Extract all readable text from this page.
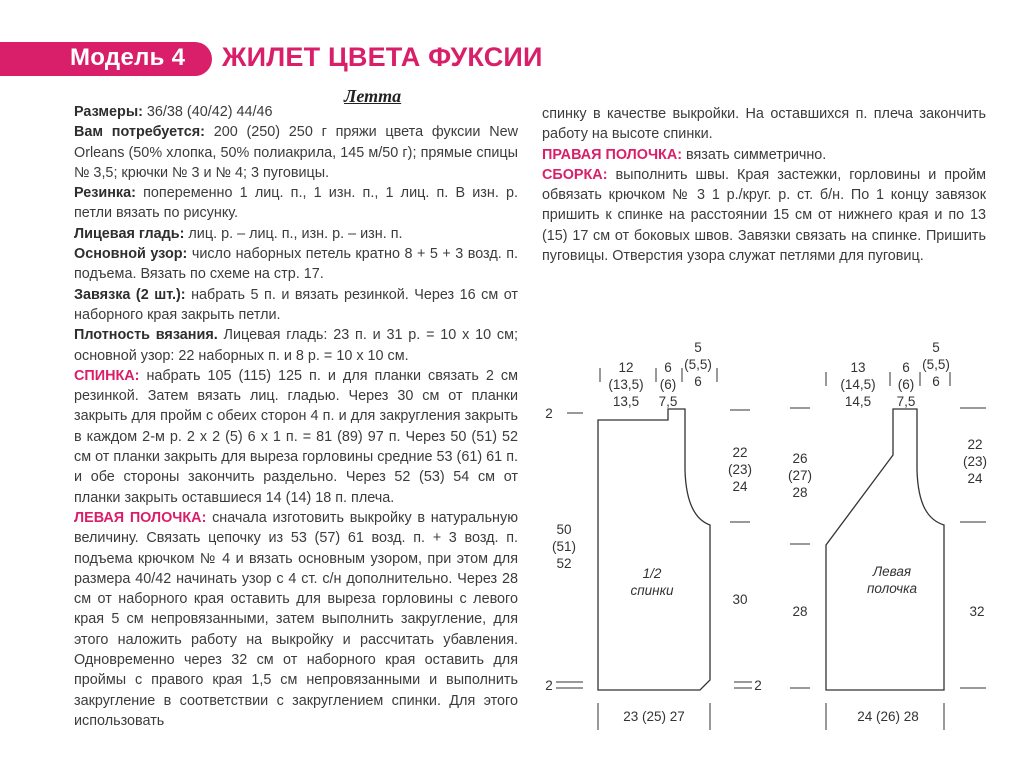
Модель 4 ЖИЛЕТ ЦВЕТА ФУКСИИ
Летта

Размеры: 36/38 (40/42) 44/46

Вам потребуется: 200 (250) 250 г пряжи цвета фуксии New Orleans (50% хлопка, 50% полиакрила, 145 м/50 г); прямые спицы № 3,5; крючки № 3 и № 4; 3 пуговицы.

Резинка: попеременно 1 лиц. п., 1 изн. п., 1 лиц. п. В изн. р. петли вязать по рисунку.

Лицевая гладь: лиц. р. – лиц. п., изн. р. – изн. п.

Основной узор: число наборных петель кратно 8 + 5 + 3 возд. п. подъема. Вязать по схеме на стр. 17.

Завязка (2 шт.): набрать 5 п. и вязать резинкой. Через 16 см от наборного края закрыть петли.

Плотность вязания. Лицевая гладь: 23 п. и 31 р. = 10 х 10 см; основной узор: 22 наборных п. и 8 р. = 10 х 10 см.

СПИНКА: набрать 105 (115) 125 п. и для планки связать 2 см резинкой. Затем вязать лиц. гладью. Через 30 см от планки закрыть для пройм с обеих сторон 4 п. и для закругления закрыть в каждом 2-м р. 2 х 2 (5) 6 х 1 п. = 81 (89) 97 п. Через 50 (51) 52 см от планки закрыть для выреза горловины средние 53 (61) 61 п. и обе стороны закончить раздельно. Через 52 (53) 54 см от планки закрыть оставшиеся 14 (14) 18 п. плеча.

ЛЕВАЯ ПОЛОЧКА: сначала изготовить выкройку в натуральную величину. Связать цепочку из 53 (57) 61 возд. п. + 3 возд. п. подъема крючком № 4 и вязать основным узором, при этом для размера 40/42 начинать узор с 4 ст. с/н дополнительно. Через 28 см от наборного края оставить для выреза горловины с левого края 5 см непровязанными, затем выполнить закругление, для этого наложить работу на выкройку и рассчитать убавления. Одновременно через 32 см от наборного края оставить для проймы с правого края 1,5 см непровязанными и выполнить закругление в соответствии с закруглением спинки. Для этого использовать

спинку в качестве выкройки. На оставшихся п. плеча закончить работу на высоте спинки.

ПРАВАЯ ПОЛОЧКА: вязать симметрично.

СБОРКА: выполнить швы. Края застежки, горловины и пройм обвязать крючком № 3 1 р./круг. р. ст. б/н. По 1 концу завязок пришить к спинке на расстоянии 15 см от нижнего края и по 13 (15) 17 см от боковых швов. Завязки связать на спинке. Пришить пуговицы. Отверстия узора служат петлями для пуговиц.

12
(13,5)
13,5
6
(6)
7,5
5
(5,5)
6
2
22
(23)
24
50
(51)
52
30
2	2
23 (25) 27
1/2
спинки
13
(14,5)
14,5
6
(6)
7,5
5
(5,5)
6
26
(27)
28
28
22
(23)
24
32
24 (26) 28
Левая
полочка
